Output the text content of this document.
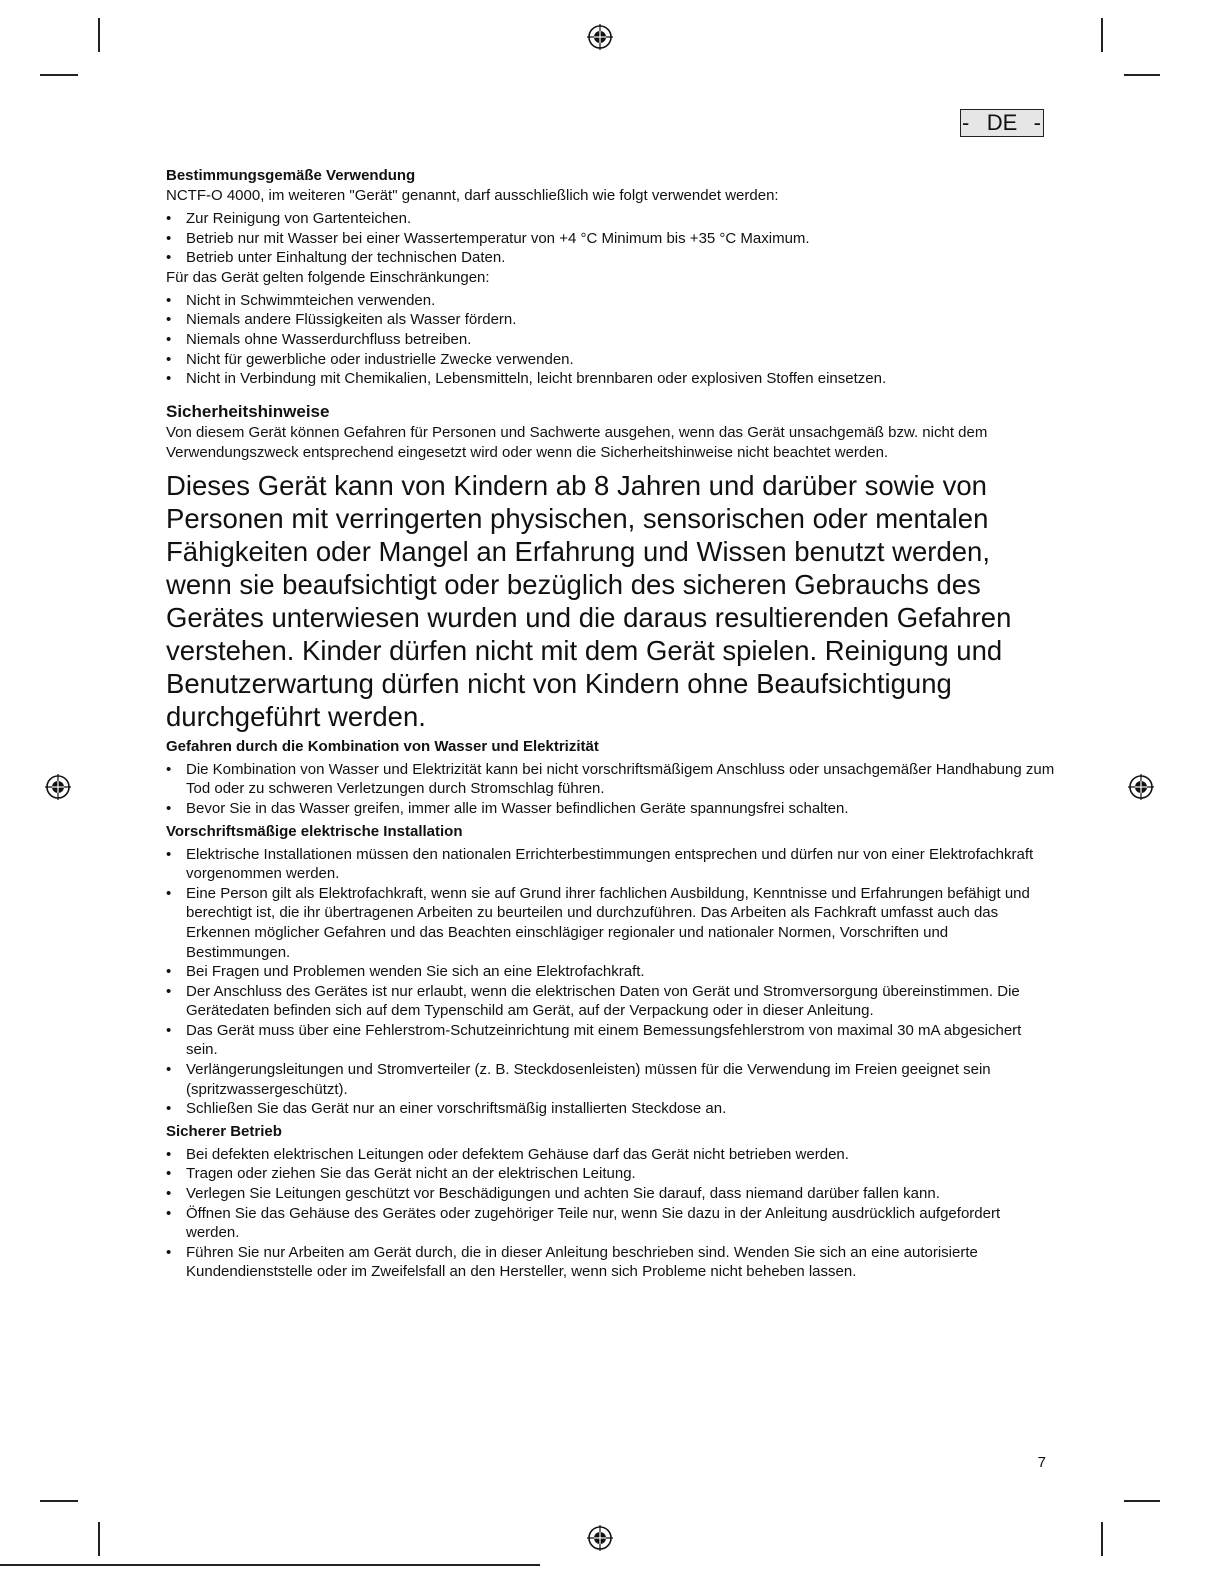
- DE -
Bestimmungsgemäße Verwendung

NCTF-O 4000, im weiteren "Gerät" genannt, darf ausschließlich wie folgt verwendet werden:

• Zur Reinigung von Gartenteichen.
• Betrieb nur mit Wasser bei einer Wassertemperatur von +4 °C Minimum bis +35 °C Maximum.
• Betrieb unter Einhaltung der technischen Daten.

Für das Gerät gelten folgende Einschränkungen:

• Nicht in Schwimmteichen verwenden.
• Niemals andere Flüssigkeiten als Wasser fördern.
• Niemals ohne Wasserdurchfluss betreiben.
• Nicht für gewerbliche oder industrielle Zwecke verwenden.
• Nicht in Verbindung mit Chemikalien, Lebensmitteln, leicht brennbaren oder explosiven Stoffen einsetzen.
Sicherheitshinweise

Von diesem Gerät können Gefahren für Personen und Sachwerte ausgehen, wenn das Gerät unsachgemäß bzw. nicht dem Verwendungszweck entsprechend eingesetzt wird oder wenn die Sicherheitshinweise nicht beachtet werden.

Dieses Gerät kann von Kindern ab 8 Jahren und darüber sowie von Personen mit verringerten physischen, sensorischen oder mentalen Fähigkeiten oder Mangel an Erfahrung und Wissen benutzt werden, wenn sie beaufsichtigt oder bezüglich des sicheren Gebrauchs des Gerätes unterwiesen wurden und die daraus resultierenden Gefahren verstehen. Kinder dürfen nicht mit dem Gerät spielen. Reinigung und Benutzerwartung dürfen nicht von Kindern ohne Beaufsichtigung durchgeführt werden.

Gefahren durch die Kombination von Wasser und Elektrizität
• Die Kombination von Wasser und Elektrizität kann bei nicht vorschriftsmäßigem Anschluss oder unsachgemäßer Handhabung zum Tod oder zu schweren Verletzungen durch Stromschlag führen.
• Bevor Sie in das Wasser greifen, immer alle im Wasser befindlichen Geräte spannungsfrei schalten.
Vorschriftsmäßige elektrische Installation
• Elektrische Installationen müssen den nationalen Errichterbestimmungen entsprechen und dürfen nur von einer Elektrofachkraft vorgenommen werden.
• Eine Person gilt als Elektrofachkraft, wenn sie auf Grund ihrer fachlichen Ausbildung, Kenntnisse und Erfahrungen befähigt und berechtigt ist, die ihr übertragenen Arbeiten zu beurteilen und durchzuführen. Das Arbeiten als Fachkraft umfasst auch das Erkennen möglicher Gefahren und das Beachten einschlägiger regionaler und nationaler Normen, Vorschriften und Bestimmungen.
• Bei Fragen und Problemen wenden Sie sich an eine Elektrofachkraft.
• Der Anschluss des Gerätes ist nur erlaubt, wenn die elektrischen Daten von Gerät und Stromversorgung übereinstimmen. Die Gerätedaten befinden sich auf dem Typenschild am Gerät, auf der Verpackung oder in dieser Anleitung.
• Das Gerät muss über eine Fehlerstrom-Schutzeinrichtung mit einem Bemessungsfehlerstrom von maximal 30 mA abgesichert sein.
• Verlängerungsleitungen und Stromverteiler (z. B. Steckdosenleisten) müssen für die Verwendung im Freien geeignet sein (spritzwassergeschützt).
• Schließen Sie das Gerät nur an einer vorschriftsmäßig installierten Steckdose an.
Sicherer Betrieb
• Bei defekten elektrischen Leitungen oder defektem Gehäuse darf das Gerät nicht betrieben werden.
• Tragen oder ziehen Sie das Gerät nicht an der elektrischen Leitung.
• Verlegen Sie Leitungen geschützt vor Beschädigungen und achten Sie darauf, dass niemand darüber fallen kann.
• Öffnen Sie das Gehäuse des Gerätes oder zugehöriger Teile nur, wenn Sie dazu in der Anleitung ausdrücklich aufgefordert werden.
• Führen Sie nur Arbeiten am Gerät durch, die in dieser Anleitung beschrieben sind. Wenden Sie sich an eine autorisierte Kundendienststelle oder im Zweifelsfall an den Hersteller, wenn sich Probleme nicht beheben lassen.
7
